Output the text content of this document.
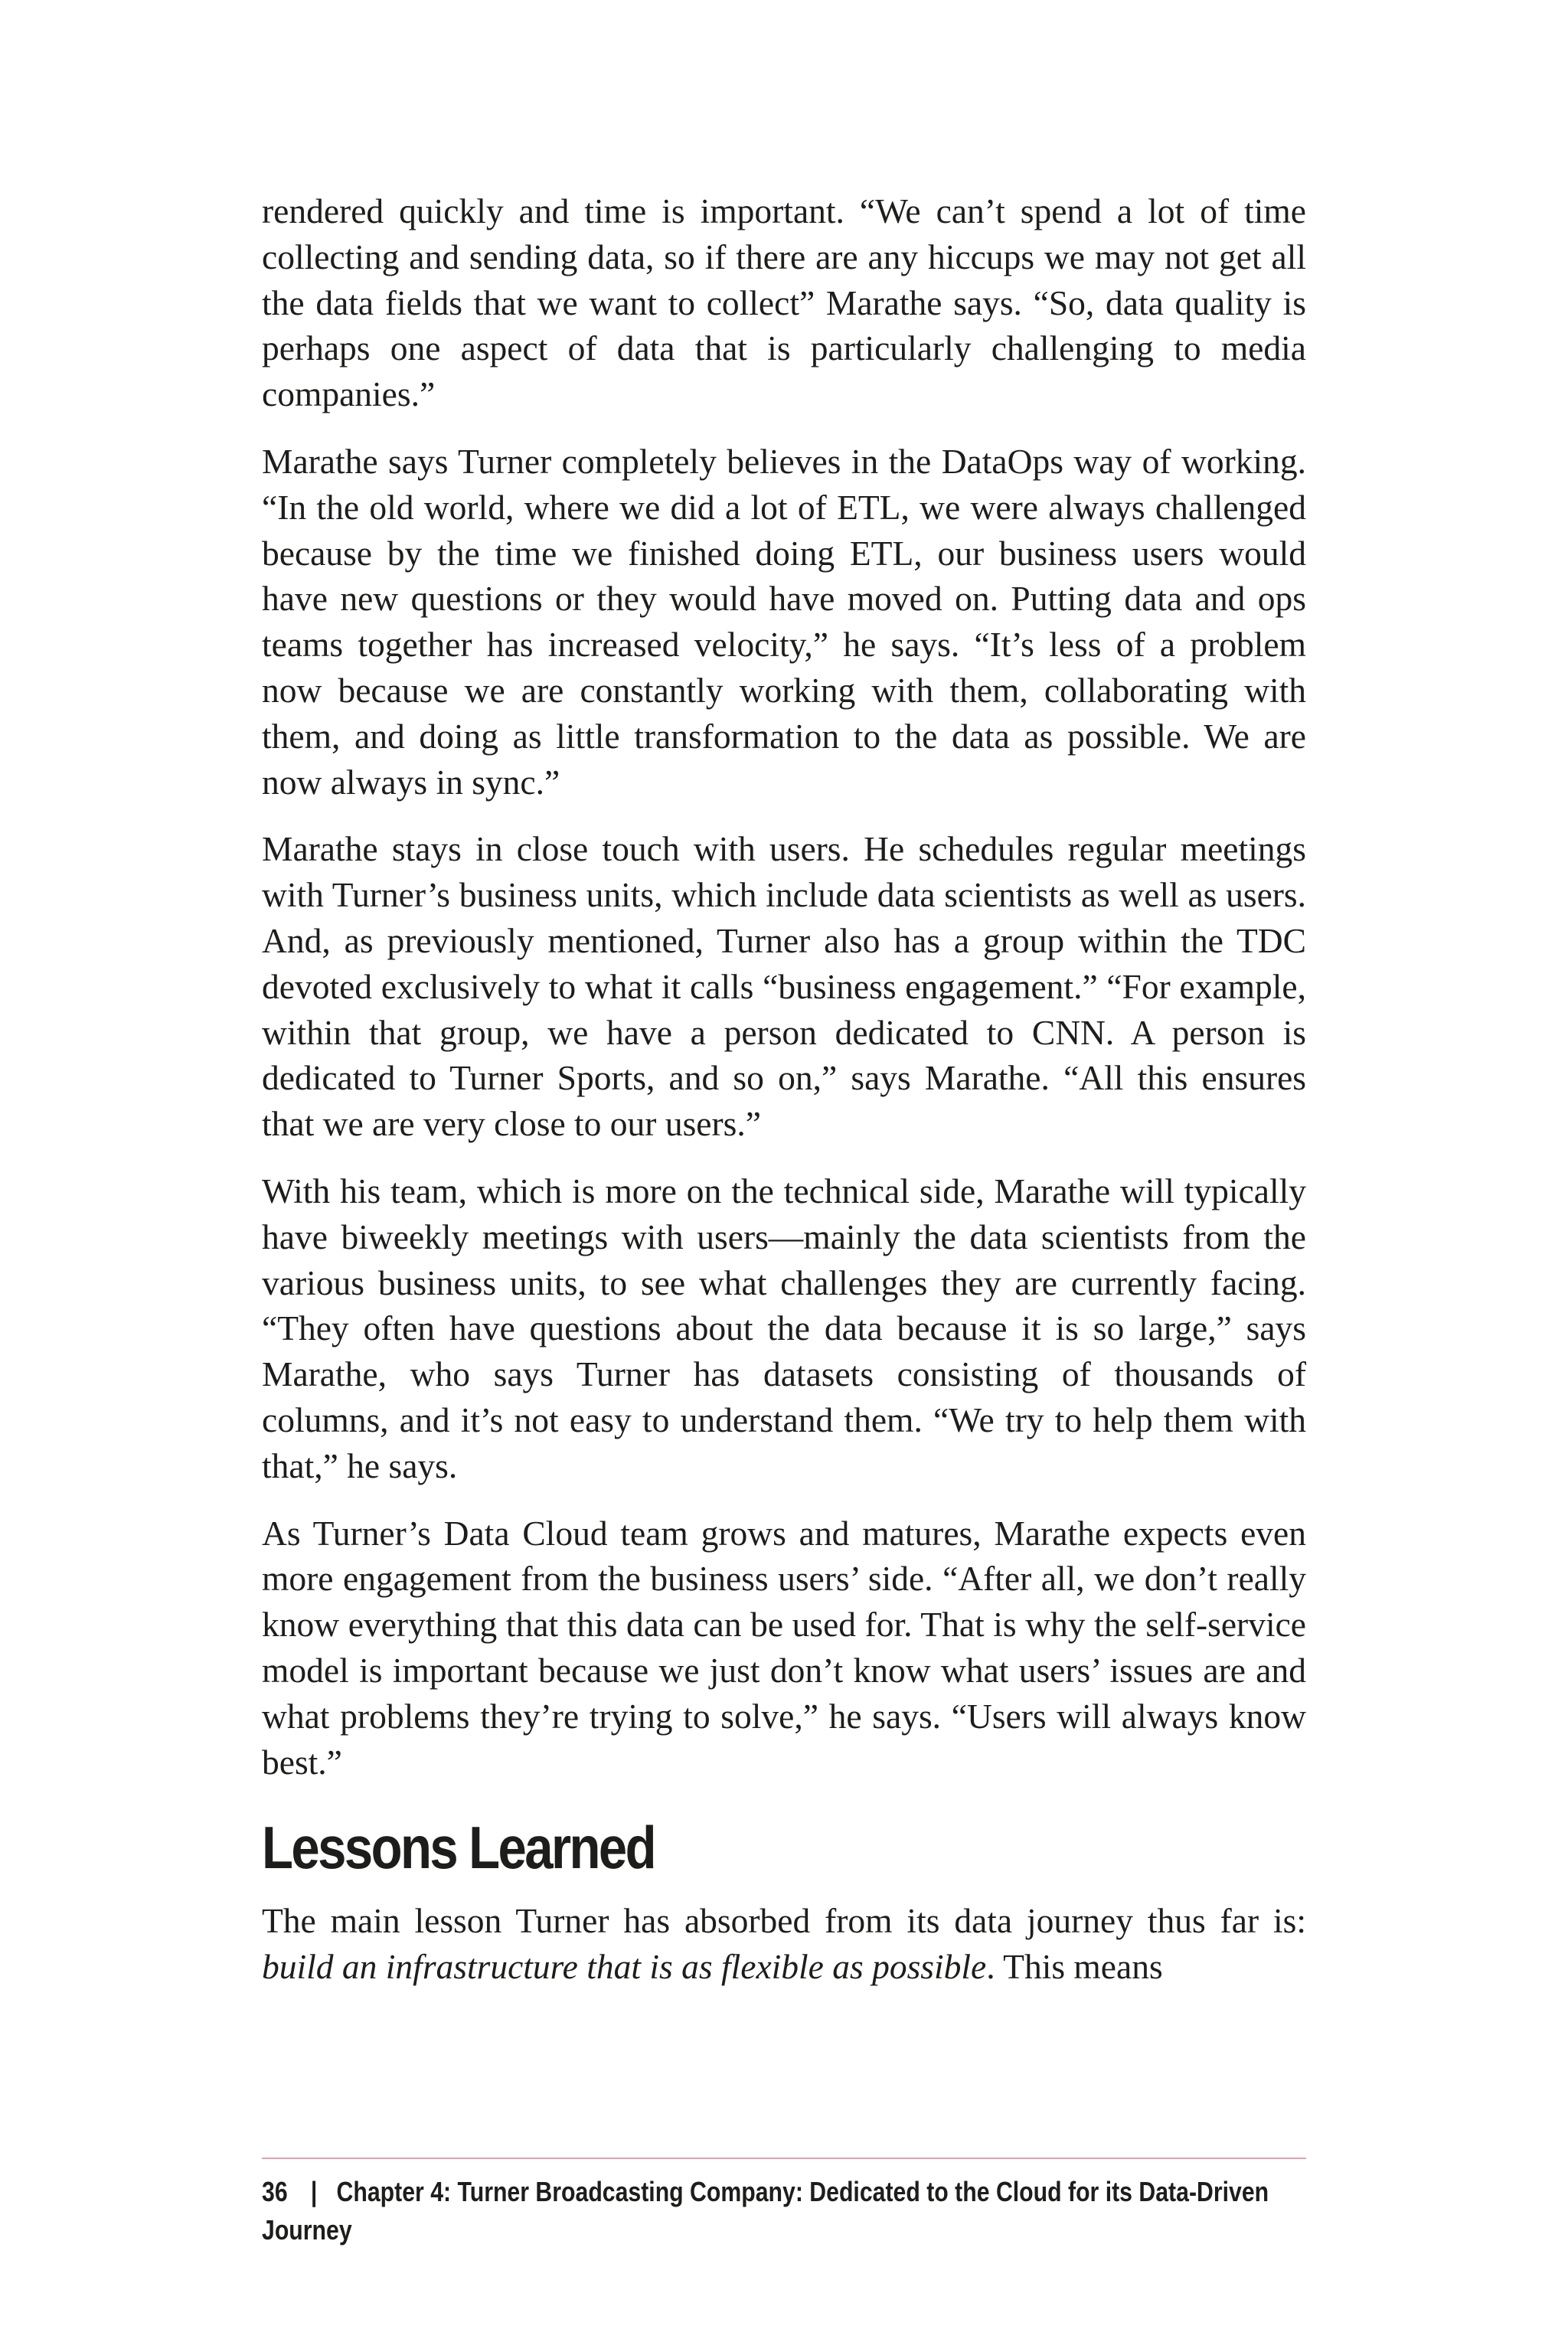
rendered quickly and time is important. “We can’t spend a lot of time collecting and sending data, so if there are any hiccups we may not get all the data fields that we want to collect” Marathe says. “So, data quality is perhaps one aspect of data that is particularly challenging to media companies.”

Marathe says Turner completely believes in the DataOps way of working. “In the old world, where we did a lot of ETL, we were always challenged because by the time we finished doing ETL, our business users would have new questions or they would have moved on. Putting data and ops teams together has increased velocity,” he says. “It’s less of a problem now because we are constantly working with them, collaborating with them, and doing as little transformation to the data as possible. We are now always in sync.”

Marathe stays in close touch with users. He schedules regular meetings with Turner’s business units, which include data scientists as well as users. And, as previously mentioned, Turner also has a group within the TDC devoted exclusively to what it calls “business engagement.” “For example, within that group, we have a person dedicated to CNN. A person is dedicated to Turner Sports, and so on,” says Marathe. “All this ensures that we are very close to our users.”

With his team, which is more on the technical side, Marathe will typically have biweekly meetings with users—mainly the data scientists from the various business units, to see what challenges they are currently facing. “They often have questions about the data because it is so large,” says Marathe, who says Turner has datasets consisting of thousands of columns, and it’s not easy to understand them. “We try to help them with that,” he says.

As Turner’s Data Cloud team grows and matures, Marathe expects even more engagement from the business users’ side. “After all, we don’t really know everything that this data can be used for. That is why the self-service model is important because we just don’t know what users’ issues are and what problems they’re trying to solve,” he says. “Users will always know best.”

Lessons Learned

The main lesson Turner has absorbed from its data journey thus far is: build an infrastructure that is as flexible as possible. This means

36 | Chapter 4: Turner Broadcasting Company: Dedicated to the Cloud for its Data-Driven Journey
